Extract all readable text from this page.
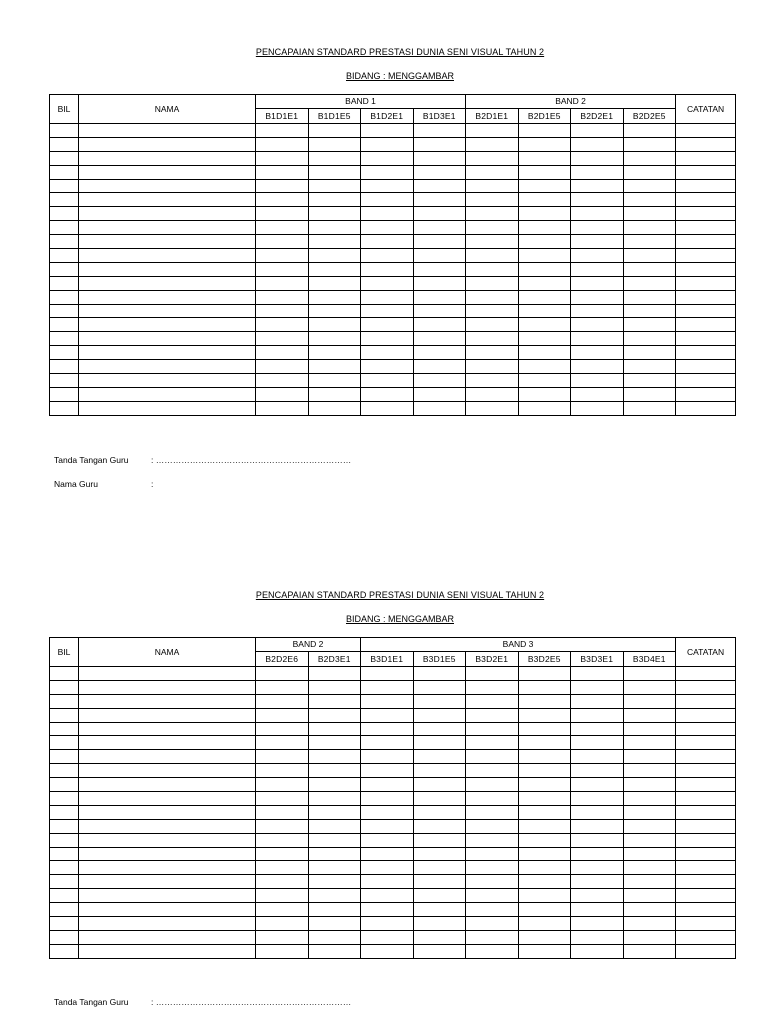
PENCAPAIAN STANDARD PRESTASI DUNIA SENI VISUAL TAHUN 2
BIDANG : MENGGAMBAR
BIL	NAMA	BAND 1				BAND 2				CATATAN
		B1D1E1	B1D1E5	B1D2E1	B1D3E1	B2D1E1	B2D1E5	B2D2E1	B2D2E5	

Tanda Tangan Guru	: ……………………………………………………………
Nama Guru	:
PENCAPAIAN STANDARD PRESTASI DUNIA SENI VISUAL TAHUN 2
BIDANG : MENGGAMBAR
BIL	NAMA	BAND 2		BAND 3						CATATAN
		B2D2E6	B2D3E1	B3D1E1	B3D1E5	B3D2E1	B3D2E5	B3D3E1	B3D4E1	

Tanda Tangan Guru	: ……………………………………………………………
